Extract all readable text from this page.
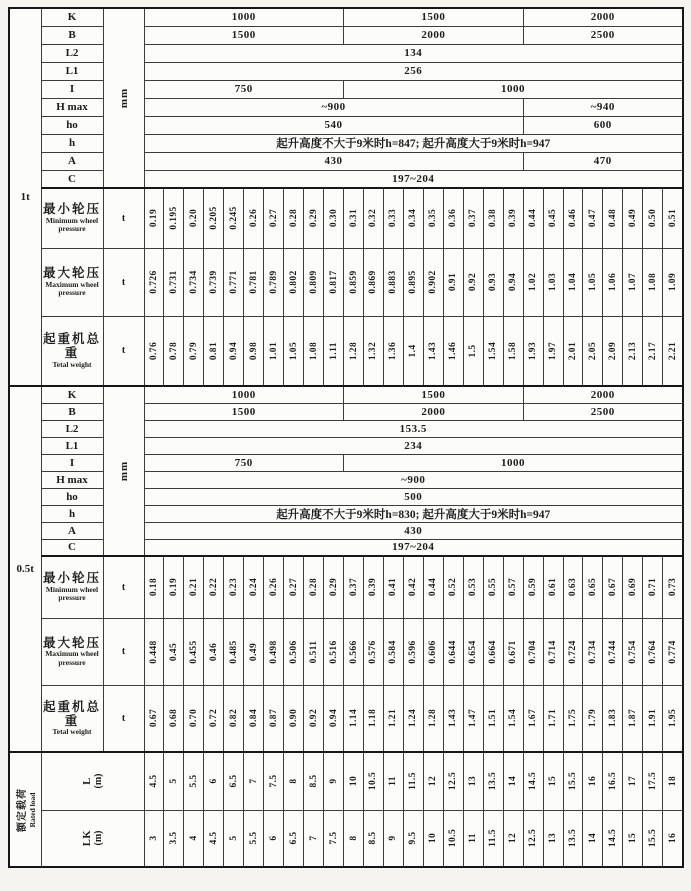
1t	K	mm	1000										1500									2000							
	B		1500										2000									2500							
	L2		134																										
	L1		256																										
	I		750										1000																
	H max		~900																			~940							
	ho		540																			600							
	h		起升高度不大于9米时h=847; 起升高度大于9米时h=947																										
	A		430																			470							
	C		197~204																										

	最小轮压
Minimum wheel pressure	t	0.19	0.195	0.20	0.205	0.245	0.26	0.27	0.28	0.29	0.30	0.31	0.32	0.33	0.34	0.35	0.36	0.37	0.38	0.39	0.44	0.45	0.46	0.47	0.48	0.49	0.50	0.51

	最大轮压
Maximum wheel pressure	t	0.726	0.731	0.734	0.739	0.771	0.781	0.789	0.802	0.809	0.817	0.859	0.869	0.883	0.895	0.902	0.91	0.92	0.93	0.94	1.02	1.03	1.04	1.05	1.06	1.07	1.08	1.09

	起重机总重
Tetal weight	t	0.76	0.78	0.79	0.81	0.94	0.98	1.01	1.05	1.08	1.11	1.28	1.32	1.36	1.4	1.43	1.46	1.5	1.54	1.58	1.93	1.97	2.01	2.05	2.09	2.13	2.17	2.21

0.5t	K	mm	1000										1500									2000							
	B		1500										2000									2500							
	L2		153.5																										
	L1		234																										
	I		750										1000																
	H max		~900																										
	ho		500																										
	h		起升高度不大于9米时h=830; 起升高度大于9米时h=947																										
	A		430																										
	C		197~204																										

	最小轮压
Minimum wheel pressure	t	0.18	0.19	0.21	0.22	0.23	0.24	0.26	0.27	0.28	0.29	0.37	0.39	0.41	0.42	0.44	0.52	0.53	0.55	0.57	0.59	0.61	0.63	0.65	0.67	0.69	0.71	0.73

	最大轮压
Maximum wheel pressure	t	0.448	0.45	0.455	0.46	0.485	0.49	0.498	0.506	0.511	0.516	0.566	0.576	0.584	0.596	0.606	0.644	0.654	0.664	0.671	0.704	0.714	0.724	0.734	0.744	0.754	0.764	0.774

	起重机总重
Tetal weight	t	0.67	0.68	0.70	0.72	0.82	0.84	0.87	0.90	0.92	0.94	1.14	1.18	1.21	1.24	1.28	1.43	1.47	1.51	1.54	1.67	1.71	1.75	1.79	1.83	1.87	1.91	1.95

额定载荷 Rated load

L (m)	4.5	5	5.5	6	6.5	7	7.5	8	8.5	9	10	10.5	11	11.5	12	12.5	13	13.5	14	14.5	15	15.5	16	16.5	17	17.5	18

	LK (m)		3	3.5	4	4.5	5	5.5	6	6.5	7	7.5	8	8.5	9	9.5	10	10.5	11	11.5	12	12.5	13	13.5	14	14.5	15	15.5	16
